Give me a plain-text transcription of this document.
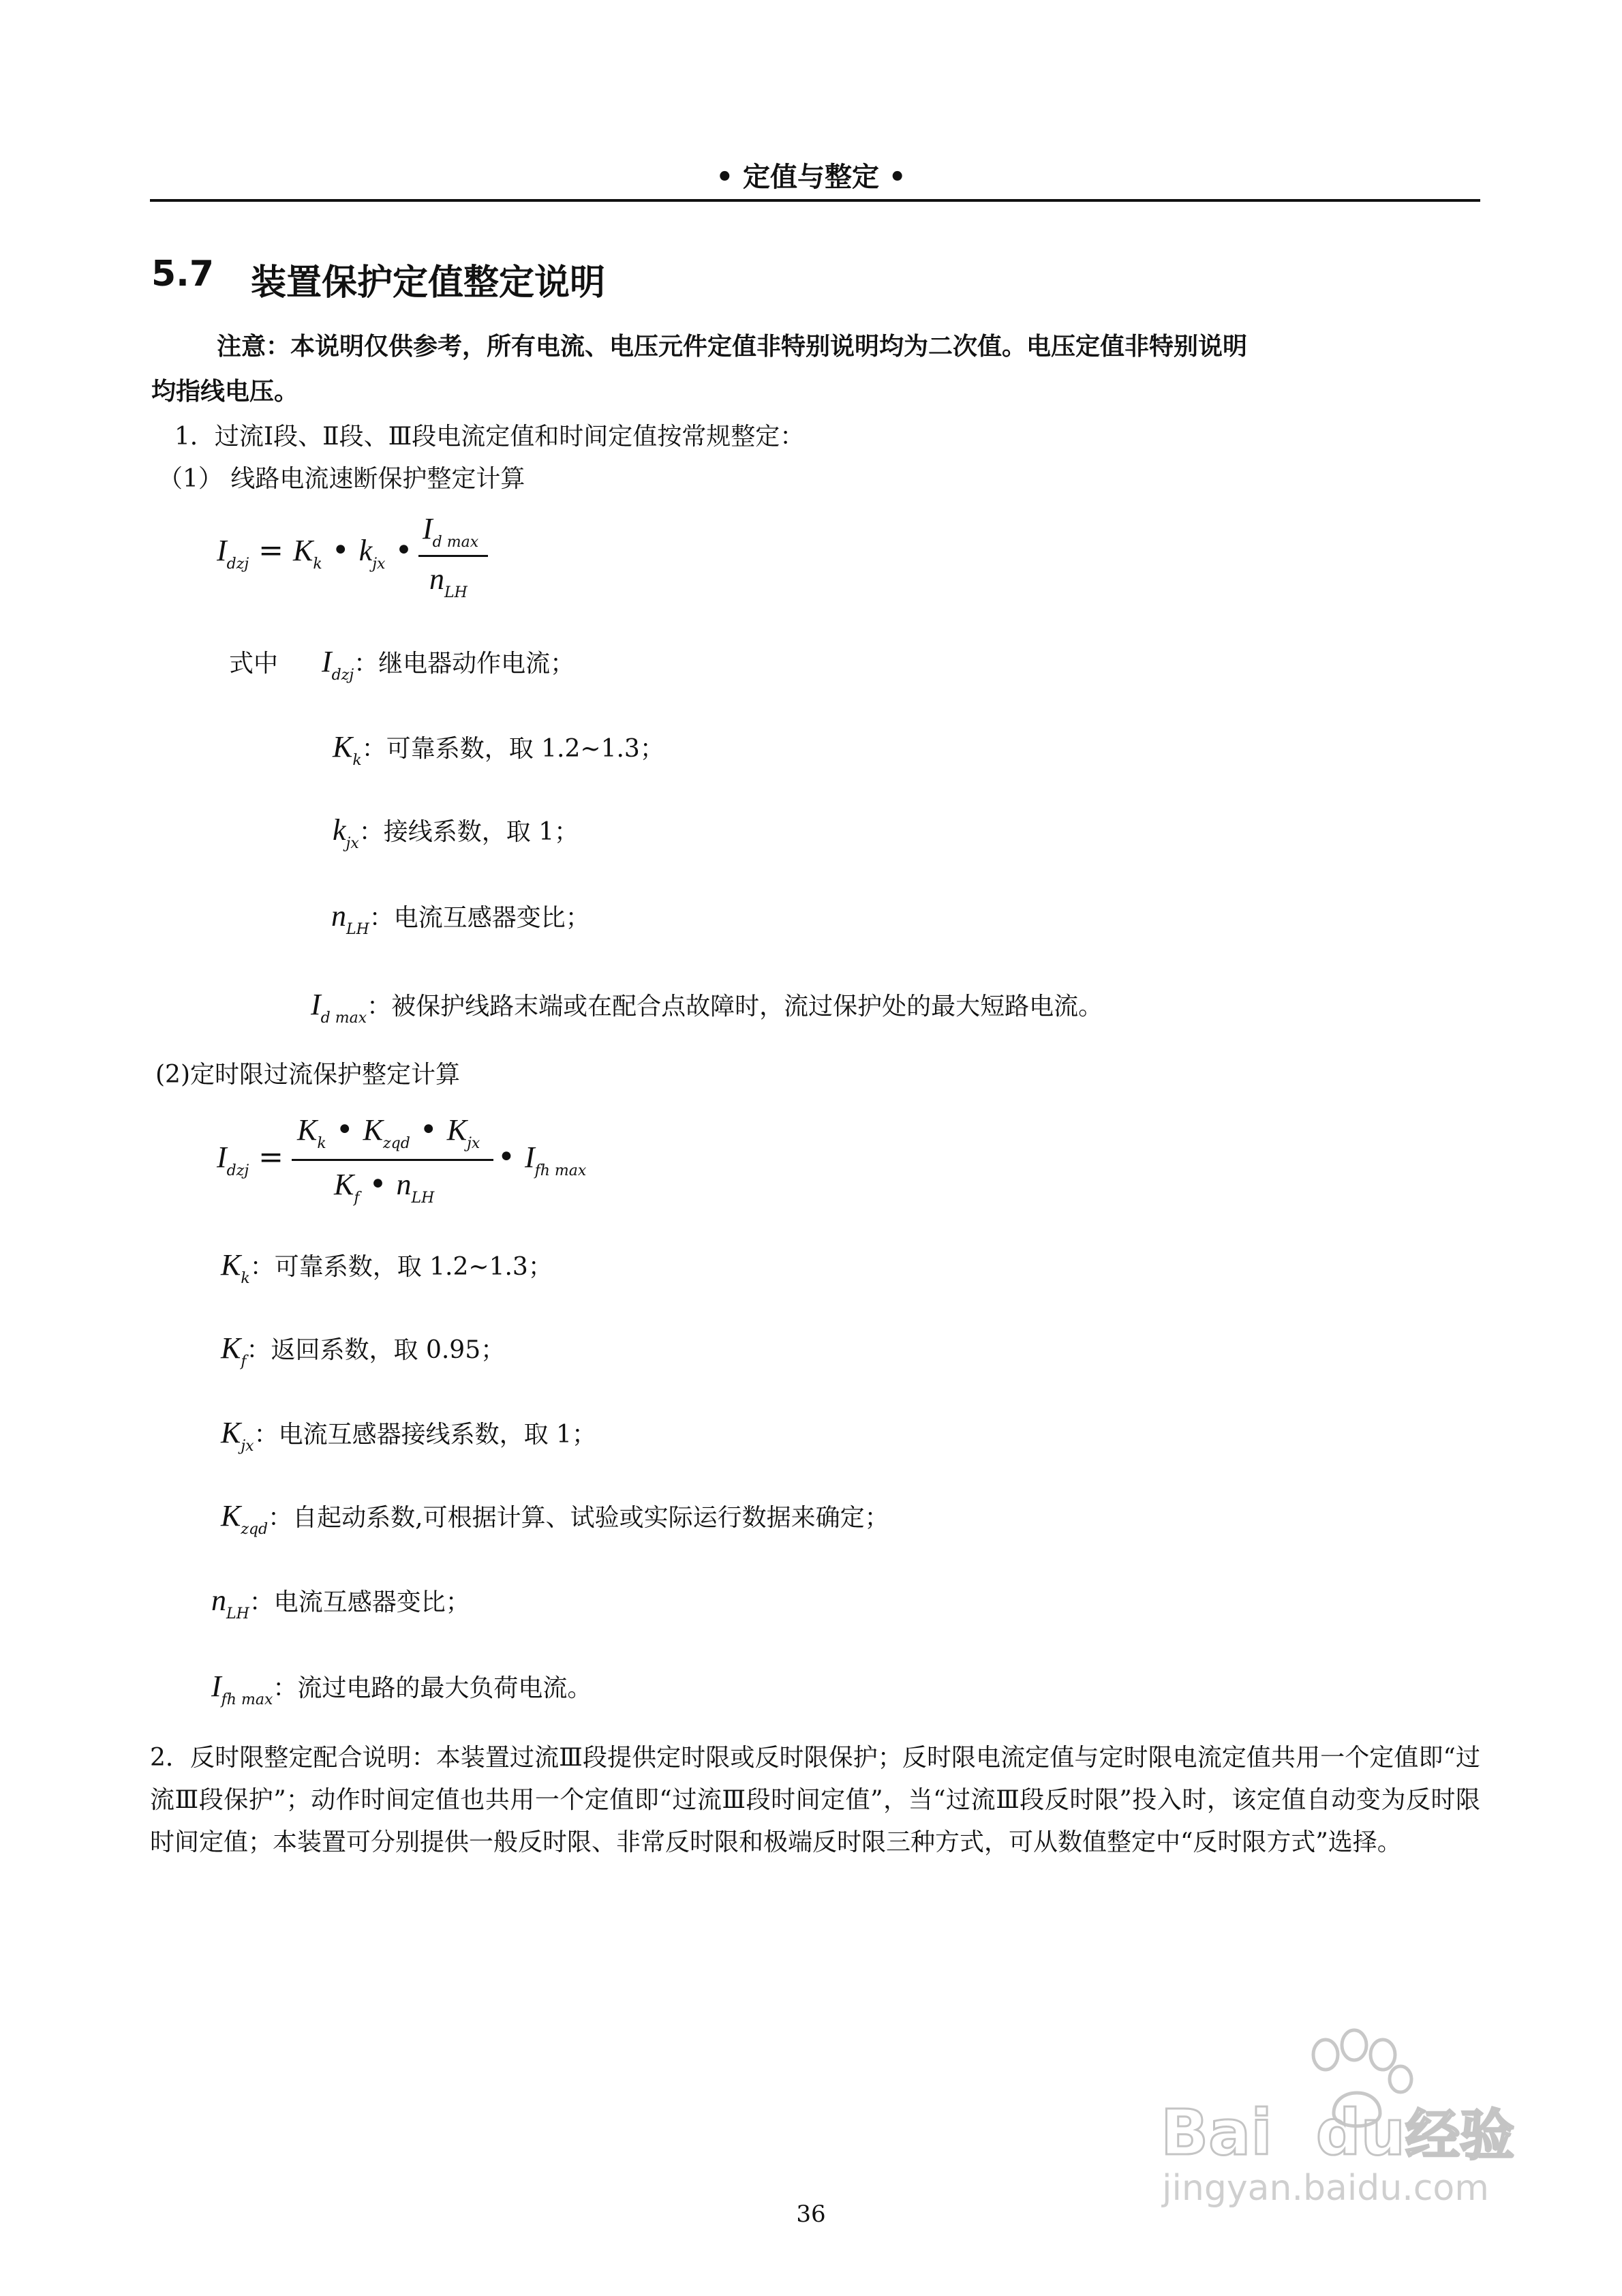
• 定值与整定 •
5.7 装置保护定值整定说明
注意：本说明仅供参考，所有电流、电压元件定值非特别说明均为二次值。电压定值非特别说明
均指线电压。
1．过流Ⅰ段、Ⅱ段、Ⅲ段电流定值和时间定值按常规整定：
（1） 线路电流速断保护整定计算
$I_{dzj} = K_k$ • $k_{jx}$ •
$I_{d max}$
$n_{LH}$
式中 $I_{dzj}$：继电器动作电流；
$K_k$：可靠系数，取 1.2~1.3；
$k_{jx}$：接线系数，取 1；
$n_{LH}$：电流互感器变比；
$I_{d max}$：被保护线路末端或在配合点故障时，流过保护处的最大短路电流。
(2)定时限过流保护整定计算
$I_{dzj}$ =
$K_k$ • $K_{zqd}$ • $K_{jx}$
$K_f$ • $n_{LH}$
• $I_{fh max}$
$K_k$：可靠系数，取 1.2~1.3；
$K_f$：返回系数，取 0.95；
$K_{jx}$：电流互感器接线系数，取 1；
$K_{zqd}$：自起动系数,可根据计算、试验或实际运行数据来确定；
$n_{LH}$：电流互感器变比；
$I_{fh max}$：流过电路的最大负荷电流。
2．反时限整定配合说明：本装置过流Ⅲ段提供定时限或反时限保护；反时限电流定值与定时限电流定值共用一个定值即“过流Ⅲ段保护”；动作时间定值也共用一个定值即“过流Ⅲ段时间定值”，当“过流Ⅲ段反时限”投入时，该定值自动变为反时限时间定值；本装置可分别提供一般反时限、非常反时限和极端反时限三种方式，可从数值整定中“反时限方式”选择。
36
Bai du经验
jingyan.baidu.com
